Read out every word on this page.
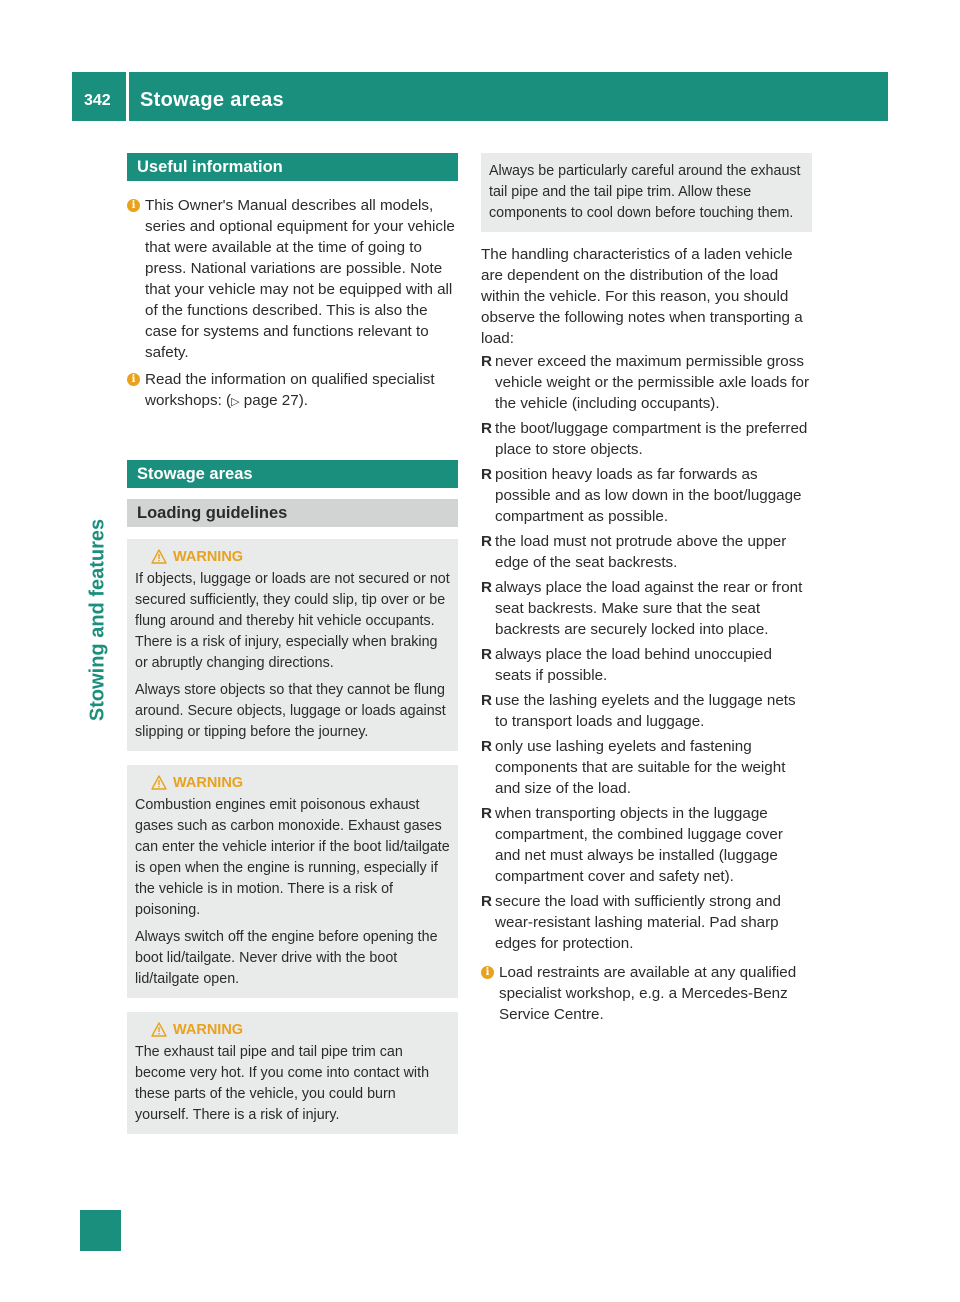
342 Stowage areas
Stowing and features
Useful information

i This Owner's Manual describes all models, series and optional equipment for your vehicle that were available at the time of going to press. National variations are possible. Note that your vehicle may not be equipped with all of the functions described. This is also the case for systems and functions relevant to safety.

i Read the information on qualified specialist workshops: (▷ page 27).

Stowage areas
Loading guidelines
WARNING

If objects, luggage or loads are not secured or not secured sufficiently, they could slip, tip over or be flung around and thereby hit vehicle occupants. There is a risk of injury, especially when braking or abruptly changing directions.

Always store objects so that they cannot be flung around. Secure objects, luggage or loads against slipping or tipping before the journey.

WARNING

Combustion engines emit poisonous exhaust gases such as carbon monoxide. Exhaust gases can enter the vehicle interior if the boot lid/tailgate is open when the engine is running, especially if the vehicle is in motion. There is a risk of poisoning.

Always switch off the engine before opening the boot lid/tailgate. Never drive with the boot lid/tailgate open.

WARNING

The exhaust tail pipe and tail pipe trim can become very hot. If you come into contact with these parts of the vehicle, you could burn yourself. There is a risk of injury.

Always be particularly careful around the exhaust tail pipe and the tail pipe trim. Allow these components to cool down before touching them.

The handling characteristics of a laden vehicle are dependent on the distribution of the load within the vehicle. For this reason, you should observe the following notes when transporting a load:

R never exceed the maximum permissible gross vehicle weight or the permissible axle loads for the vehicle (including occupants).
R the boot/luggage compartment is the preferred place to store objects.
R position heavy loads as far forwards as possible and as low down in the boot/luggage compartment as possible.
R the load must not protrude above the upper edge of the seat backrests.
R always place the load against the rear or front seat backrests. Make sure that the seat backrests are securely locked into place.
R always place the load behind unoccupied seats if possible.
R use the lashing eyelets and the luggage nets to transport loads and luggage.
R only use lashing eyelets and fastening components that are suitable for the weight and size of the load.
R when transporting objects in the luggage compartment, the combined luggage cover and net must always be installed (luggage compartment cover and safety net).
R secure the load with sufficiently strong and wear-resistant lashing material. Pad sharp edges for protection.

i Load restraints are available at any qualified specialist workshop, e.g. a Mercedes-Benz Service Centre.
